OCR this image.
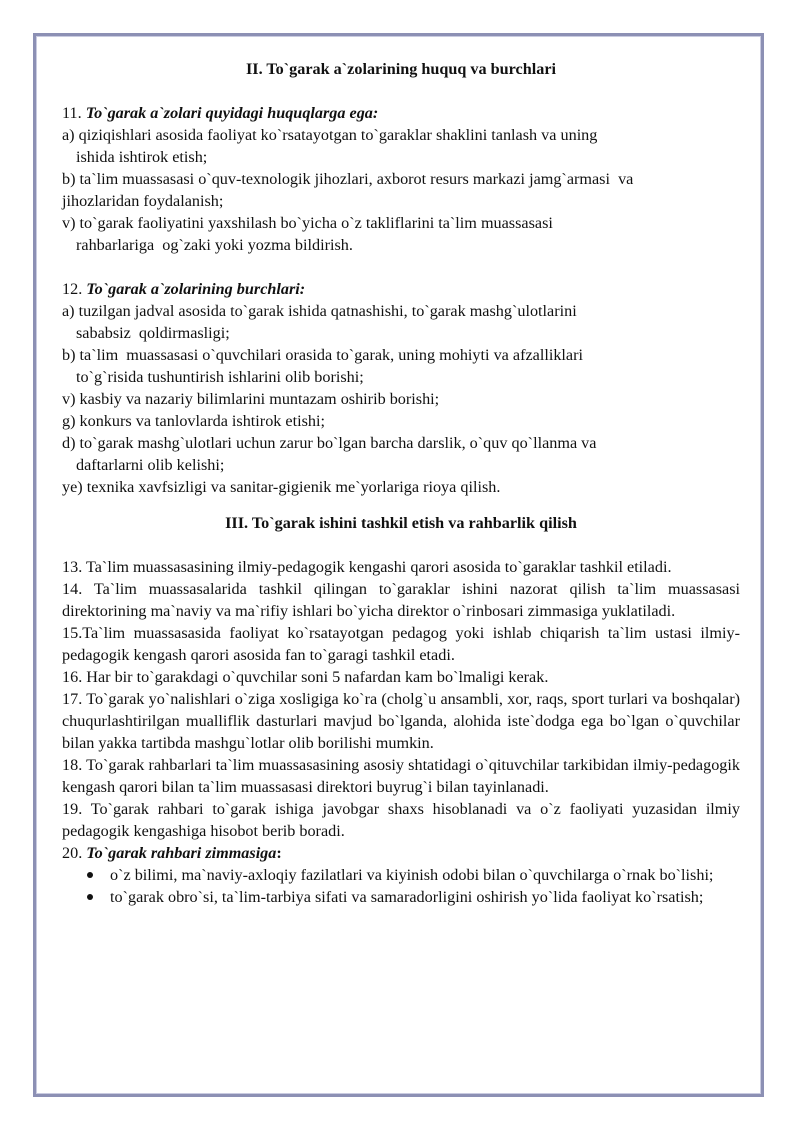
II. To`garak a`zolarining huquq va burchlari

11. To`garak a`zolari quyidagi huquqlarga ega:

a) qiziqishlari asosida faoliyat ko`rsatayotgan to`garaklar shaklini tanlash va uning

ishida ishtirok etish;

b) ta`lim muassasasi o`quv-texnologik jihozlari, axborot resurs markazi jamg`armasi  va

jihozlaridan foydalanish;

v) to`garak faoliyatini yaxshilash bo`yicha o`z takliflarini ta`lim muassasasi

rahbarlariga  og`zaki yoki yozma bildirish.

12. To`garak a`zolarining burchlari:

a) tuzilgan jadval asosida to`garak ishida qatnashishi, to`garak mashg`ulotlarini

sababsiz  qoldirmasligi;

b) ta`lim  muassasasi o`quvchilari orasida to`garak, uning mohiyti va afzalliklari

to`g`risida tushuntirish ishlarini olib borishi;

v) kasbiy va nazariy bilimlarini muntazam oshirib borishi;

g) konkurs va tanlovlarda ishtirok etishi;

d) to`garak mashg`ulotlari uchun zarur bo`lgan barcha darslik, o`quv qo`llanma va

daftarlarni olib kelishi;

ye) texnika xavfsizligi va sanitar-gigienik me`yorlariga rioya qilish.

III. To`garak ishini tashkil etish va rahbarlik qilish

13. Ta`lim muassasasining ilmiy-pedagogik kengashi qarori asosida to`garaklar tashkil etiladi.

14. Ta`lim muassasalarida tashkil qilingan to`garaklar ishini nazorat qilish ta`lim muassasasi direktorining ma`naviy va ma`rifiy ishlari bo`yicha direktor o`rinbosari zimmasiga yuklatiladi.

15.Ta`lim muassasasida faoliyat ko`rsatayotgan pedagog yoki ishlab chiqarish ta`lim ustasi ilmiy-pedagogik kengash qarori asosida fan to`garagi tashkil etadi.

16. Har bir to`garakdagi o`quvchilar soni 5 nafardan kam bo`lmaligi kerak.

17. To`garak yo`nalishlari o`ziga xosligiga ko`ra (cholg`u ansambli, xor, raqs, sport turlari va boshqalar) chuqurlashtirilgan mualliflik dasturlari mavjud bo`lganda, alohida iste`dodga ega bo`lgan o`quvchilar bilan yakka tartibda mashgu`lotlar olib borilishi mumkin.

18. To`garak rahbarlari ta`lim muassasasining asosiy shtatidagi o`qituvchilar tarkibidan ilmiy-pedagogik kengash qarori bilan ta`lim muassasasi direktori buyrug`i bilan tayinlanadi.

19. To`garak rahbari to`garak ishiga javobgar shaxs hisoblanadi va o`z faoliyati yuzasidan ilmiy pedagogik kengashiga hisobot berib boradi.

20. To`garak rahbari zimmasiga:

o`z bilimi, ma`naviy-axloqiy fazilatlari va kiyinish odobi bilan o`quvchilarga o`rnak bo`lishi;
to`garak obro`si, ta`lim-tarbiya sifati va samaradorligini oshirish yo`lida faoliyat ko`rsatish;
